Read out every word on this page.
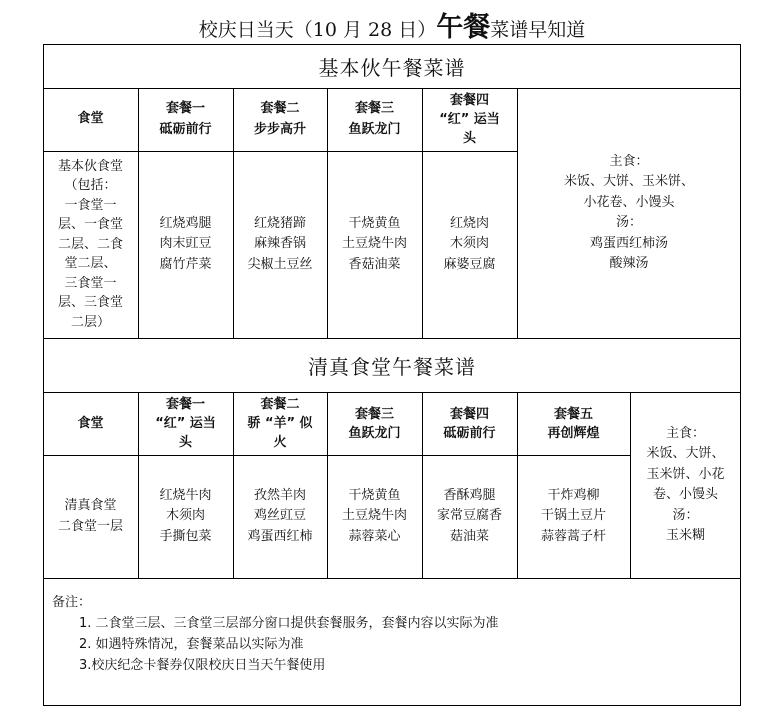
校庆日当天（10 月 28 日）午餐菜谱早知道
基本伙午餐菜谱
食堂
套餐一
砥砺前行
套餐二
步步高升
套餐三
鱼跃龙门
套餐四
“红” 运当
头
基本伙食堂
（包括：
一食堂一
层、一食堂
二层、二食
堂二层、
三食堂一
层、三食堂
二层）
红烧鸡腿
肉末豇豆
腐竹芹菜
红烧猪蹄
麻辣香锅
尖椒土豆丝
干烧黄鱼
土豆烧牛肉
香菇油菜
红烧肉
木须肉
麻婆豆腐
主食：
米饭、大饼、玉米饼、
小花卷、小馒头
汤：
鸡蛋西红柿汤
酸辣汤
清真食堂午餐菜谱
食堂
套餐一
“红” 运当
头
套餐二
骄 “羊” 似
火
套餐三
鱼跃龙门
套餐四
砥砺前行
套餐五
再创辉煌
清真食堂
二食堂一层
红烧牛肉
木须肉
手撕包菜
孜然羊肉
鸡丝豇豆
鸡蛋西红柿
干烧黄鱼
土豆烧牛肉
蒜蓉菜心
香酥鸡腿
家常豆腐香
菇油菜
干炸鸡柳
干锅土豆片
蒜蓉蒿子杆
主食：
米饭、大饼、
玉米饼、小花
卷、小馒头
汤：
玉米糊
备注：
1. 二食堂三层、三食堂三层部分窗口提供套餐服务，套餐内容以实际为准
2. 如遇特殊情况，套餐菜品以实际为准
3.校庆纪念卡餐券仅限校庆日当天午餐使用
